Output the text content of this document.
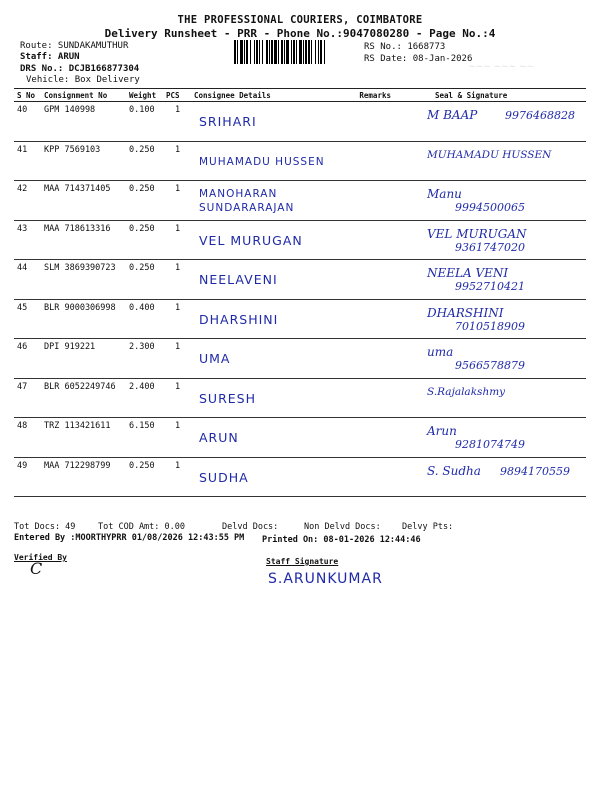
THE PROFESSIONAL COURIERS, COIMBATORE
Delivery Runsheet - PRR - Phone No.:9047080280 - Page No.:4
Route: SUNDAKAMUTHUR
Staff: ARUN
DRS No.: DCJB166877304
Vehicle: Box Delivery
RS No.: 1668773
RS Date: 08-Jan-2026
~~~ ~~~ ~~
S No	Consignment No	Weight	PCS	Consignee Details	Remarks	Seal & Signature
40	GPM 140998	0.100	1	SRIHARI		M BAAP 9976468828

41	KPP 7569103	0.250	1	MUHAMADU HUSSEN		MUHAMADU HUSSEN

42	MAA 714371405	0.250	1	MANOHARAN SUNDARARAJAN		Manu
9994500065

43	MAA 718613316	0.250	1	VEL MURUGAN		VEL MURUGAN
9361747020

44	SLM 3869390723	0.250	1	NEELAVENI		NEELA VENI
9952710421

45	BLR 9000306998	0.400	1	DHARSHINI		DHARSHINI
7010518909

46	DPI 919221	2.300	1	UMA		uma
9566578879

47	BLR 6052249746	2.400	1	SURESH		S.Rajalakshmy

48	TRZ 113421611	6.150	1	ARUN		Arun
9281074749

49	MAA 712298799	0.250	1	SUDHA		S. Sudha 9894170559
Tot Docs: 49	Tot COD Amt: 0.00	Delvd Docs:	Non Delvd Docs: Delvy Pts:
Entered By :MOORTHYPRR 01/08/2026 12:43:55 PM Printed On: 08-01-2026 12:44:46
Verified By
C	Staff Signature
S.ARUNKUMAR
